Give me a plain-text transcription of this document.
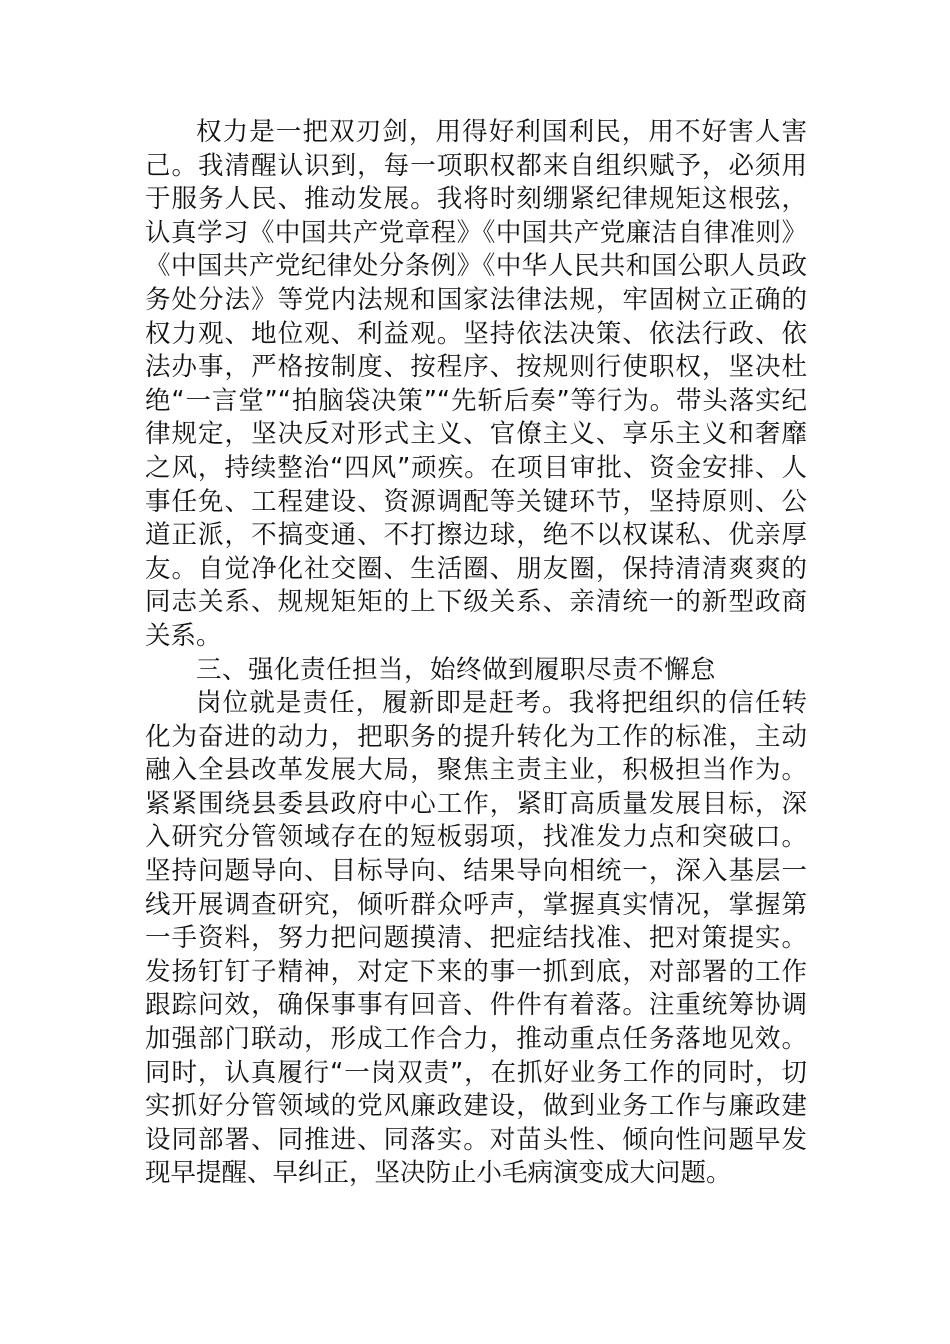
权力是一把双刃剑，用得好利国利民，用不好害人害己。我清醒认识到，每一项职权都来自组织赋予，必须用于服务人民、推动发展。我将时刻绷紧纪律规矩这根弦，认真学习《中国共产党章程》《中国共产党廉洁自律准则》《中国共产党纪律处分条例》《中华人民共和国公职人员政务处分法》等党内法规和国家法律法规，牢固树立正确的权力观、地位观、利益观。坚持依法决策、依法行政、依法办事，严格按制度、按程序、按规则行使职权，坚决杜绝“一言堂”“拍脑袋决策”“先斩后奏”等行为。带头落实纪律规定，坚决反对形式主义、官僚主义、享乐主义和奢靡之风，持续整治“四风”顽疾。在项目审批、资金安排、人事任免、工程建设、资源调配等关键环节，坚持原则、公道正派，不搞变通、不打擦边球，绝不以权谋私、优亲厚友。自觉净化社交圈、生活圈、朋友圈，保持清清爽爽的同志关系、规规矩矩的上下级关系、亲清统一的新型政商关系。

三、强化责任担当，始终做到履职尽责不懈怠

岗位就是责任，履新即是赶考。我将把组织的信任转化为奋进的动力，把职务的提升转化为工作的标准，主动融入全县改革发展大局，聚焦主责主业，积极担当作为。紧紧围绕县委县政府中心工作，紧盯高质量发展目标，深入研究分管领域存在的短板弱项，找准发力点和突破口。坚持问题导向、目标导向、结果导向相统一，深入基层一线开展调查研究，倾听群众呼声，掌握真实情况，掌握第一手资料，努力把问题摸清、把症结找准、把对策提实。发扬钉钉子精神，对定下来的事一抓到底，对部署的工作跟踪问效，确保事事有回音、件件有着落。注重统筹协调加强部门联动，形成工作合力，推动重点任务落地见效。同时，认真履行“一岗双责”，在抓好业务工作的同时，切实抓好分管领域的党风廉政建设，做到业务工作与廉政建设同部署、同推进、同落实。对苗头性、倾向性问题早发现早提醒、早纠正，坚决防止小毛病演变成大问题。
